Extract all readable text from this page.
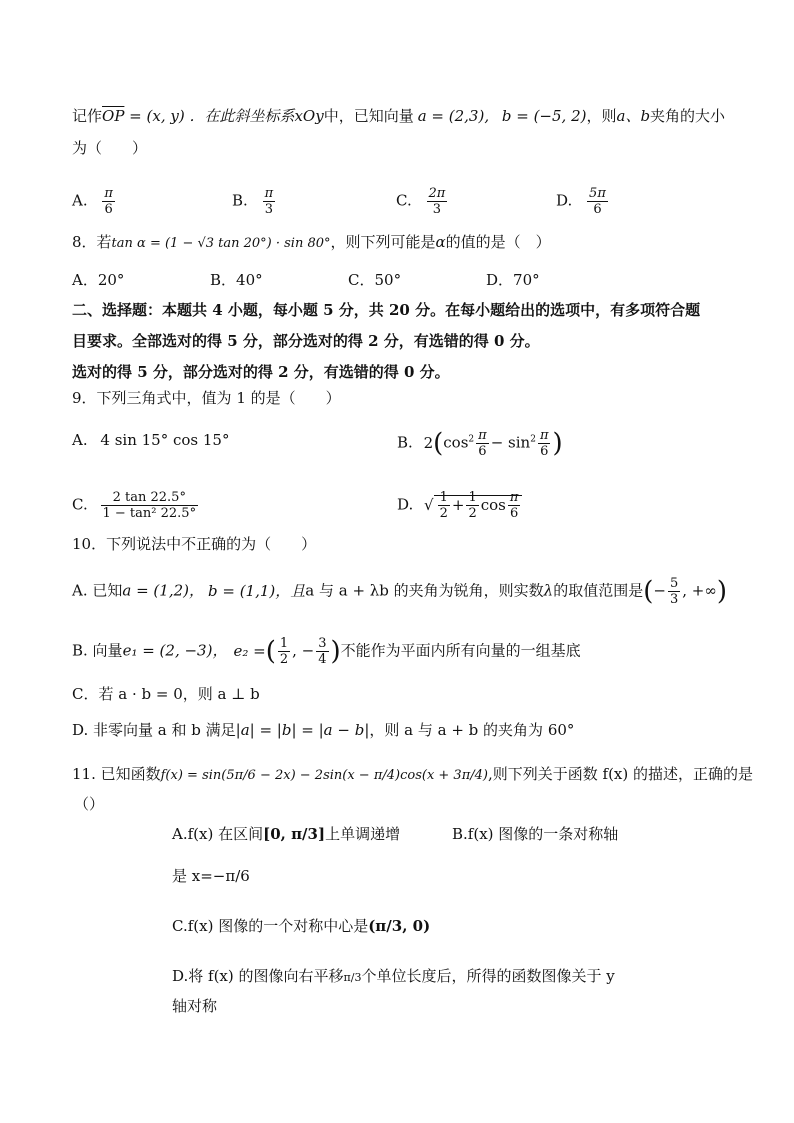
记作$\overline{OP} = (x$, y) ．在此斜坐标系xOy中，已知向量 a = (2,3), b = (−5, 2)，则a、b夹角的大小
为（　　）
A. $\frac{\pi}{6}$	B. $\frac{\pi}{3}$	C. $\frac{2\pi}{3}$	D. $\frac{5\pi}{6}$
8．若tan α = (1 − √3 tan 20°) · sin 80°，则下列可能是α的值的是（　）
A．20°	B．40°	C．50°	D．70°
二、选择题：本题共 4 小题，每小题 5 分，共 20 分。在每小题给出的选项中，有多项符合题
目要求。全部选对的得 5 分，部分选对的得 2 分，有选错的得 0 分。
选对的得 5 分，部分选对的得 2 分，有选错的得 0 分。
9．下列三角式中，值为 1 的是（　　）
A. 4 sin 15° cos 15°	B. $2(\cos^2 \frac{\pi}{6} - \sin^2 \frac{\pi}{6}$ )
C. $\frac{2 \tan 22.5^\circ}{\text{1 − tan² 22.5°}}$	D. √ $\frac{1}{2} + \frac{1}{2}$ $\cos \frac{\pi}{6}$
10．下列说法中不正确的为（　　）
A. 已知a = (1,2)， b = (1,1)，且a 与 a + λb 的夹角为锐角，则实数λ的取值范围是(− $\frac{5}{3}$ , +∞)
B. 向量e₁ = (2, −3)， e₂ =( $\frac{1}{2}$ , − $\frac{3}{4}$ )不能作为平面内所有向量的一组基底
C．若 a · b = 0，则 a ⊥ b
D. 非零向量 a 和 b 满足|a| = |b| = |a − b|，则 a 与 a + b 的夹角为 60°
11. 已知函数f(x) = sin(5π/6 − 2x) − 2sin(x − π/4)cos(x + 3π/4),则下列关于函数 f(x) 的描述，正确的是
（）
A.f(x) 在区间[0, π/3]上单调递增	B.f(x) 图像的一条对称轴
是 x=−π/6
C.f(x) 图像的一个对称中心是(π/3, 0)
D.将 f(x) 的图像向右平移π/3个单位长度后，所得的函数图像关于 y
轴对称
